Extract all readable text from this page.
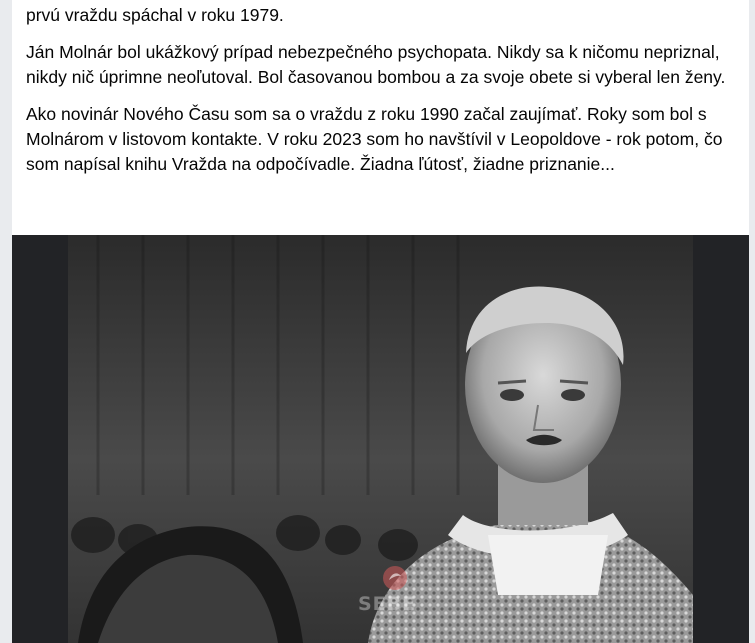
prvú vraždu spáchal v roku 1979.

Ján Molnár bol ukážkový prípad nebezpečného psychopata. Nikdy sa k ničomu nepriznal, nikdy nič úprimne neoľutoval. Bol časovanou bombou a za svoje obete si vyberal len ženy.

Ako novinár Nového Času som sa o vraždu z roku 1990 začal zaujímať. Roky som bol s Molnárom v listovom kontakte. V roku 2023 som ho navštívil v Leopoldove - rok potom, čo som napísal knihu Vražda na odpočívadle. Žiadna ľútosť, žiadne priznanie...

SEBE
